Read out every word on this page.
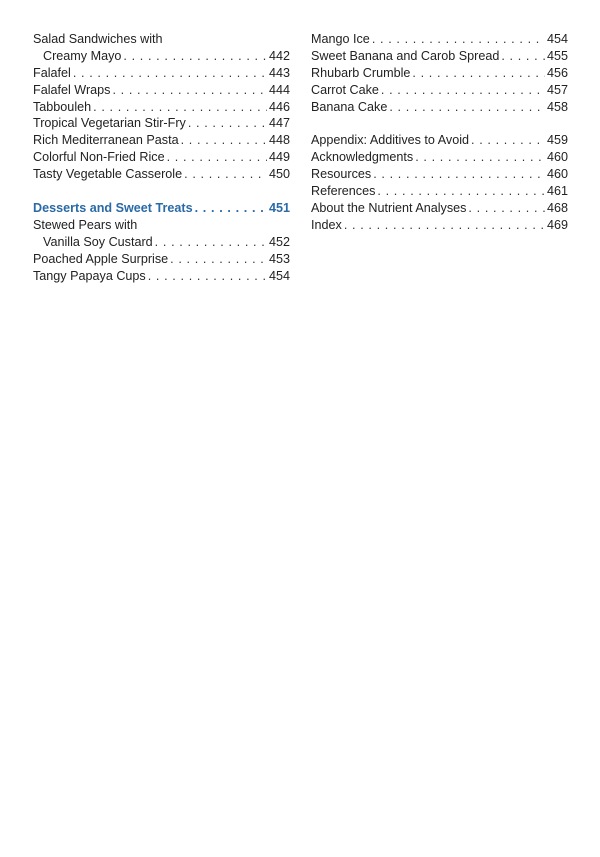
Salad Sandwiches with
Creamy Mayo . . .	442
Falafel . . .	443
Falafel Wraps . . .	444
Tabbouleh . . .	446
Tropical Vegetarian Stir-Fry . . .	447
Rich Mediterranean Pasta . . .	448
Colorful Non-Fried Rice . . .	449
Tasty Vegetable Casserole . . .	450
Desserts and Sweet Treats . . .	451
Stewed Pears with
Vanilla Soy Custard . . .	452
Poached Apple Surprise . . .	453
Tangy Papaya Cups . . .	454
Mango Ice . . .	454
Sweet Banana and Carob Spread . . .	455
Rhubarb Crumble . . .	456
Carrot Cake . . .	457
Banana Cake . . .	458
Appendix: Additives to Avoid . . .	459
Acknowledgments . . .	460
Resources . . .	460
References . . .	461
About the Nutrient Analyses . . .	468
Index . . .	469
